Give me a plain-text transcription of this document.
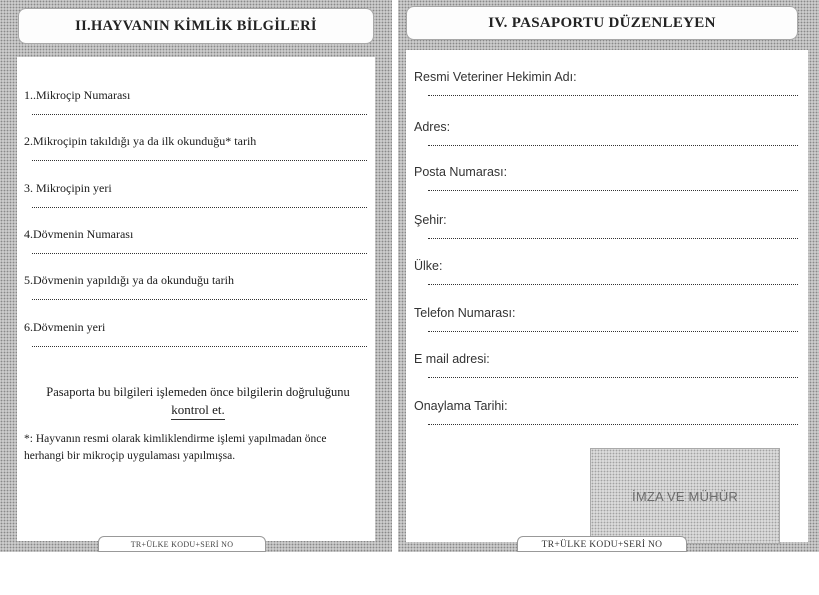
II.HAYVANIN KİMLİK BİLGİLERİ
1..Mikroçip Numarası
2.Mikroçipin takıldığı ya da ilk okunduğu* tarih
3. Mikroçipin yeri
4.Dövmenin Numarası
5.Dövmenin yapıldığı ya da okunduğu tarih
6.Dövmenin yeri
Pasaporta bu bilgileri işlemeden önce bilgilerin doğruluğunu
kontrol et.
*: Hayvanın resmi olarak kimliklendirme işlemi yapılmadan önce herhangi bir mikroçip uygulaması yapılmışsa.
TR+ÜLKE KODU+SERİ NO
IV. PASAPORTU DÜZENLEYEN
Resmi Veteriner Hekimin Adı:
Adres:
Posta Numarası:
Şehir:
Ülke:
Telefon Numarası:
E mail adresi:
Onaylama Tarihi:
İMZA VE MÜHÜR
TR+ÜLKE KODU+SERİ NO
